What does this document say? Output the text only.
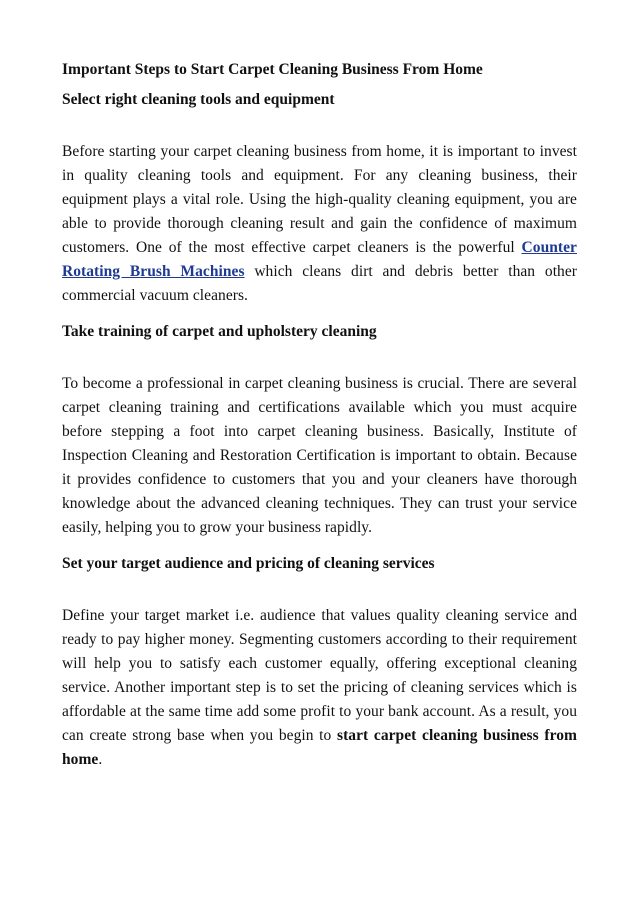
Important Steps to Start Carpet Cleaning Business From Home
Select right cleaning tools and equipment

Before starting your carpet cleaning business from home, it is important to invest in quality cleaning tools and equipment. For any cleaning business, their equipment plays a vital role. Using the high-quality cleaning equipment, you are able to provide thorough cleaning result and gain the confidence of maximum customers. One of the most effective carpet cleaners is the powerful Counter Rotating Brush Machines which cleans dirt and debris better than other commercial vacuum cleaners.

Take training of carpet and upholstery cleaning

To become a professional in carpet cleaning business is crucial. There are several carpet cleaning training and certifications available which you must acquire before stepping a foot into carpet cleaning business. Basically, Institute of Inspection Cleaning and Restoration Certification is important to obtain. Because it provides confidence to customers that you and your cleaners have thorough knowledge about the advanced cleaning techniques. They can trust your service easily, helping you to grow your business rapidly.

Set your target audience and pricing of cleaning services

Define your target market i.e. audience that values quality cleaning service and ready to pay higher money. Segmenting customers according to their requirement will help you to satisfy each customer equally, offering exceptional cleaning service. Another important step is to set the pricing of cleaning services which is affordable at the same time add some profit to your bank account. As a result, you can create strong base when you begin to start carpet cleaning business from home.
